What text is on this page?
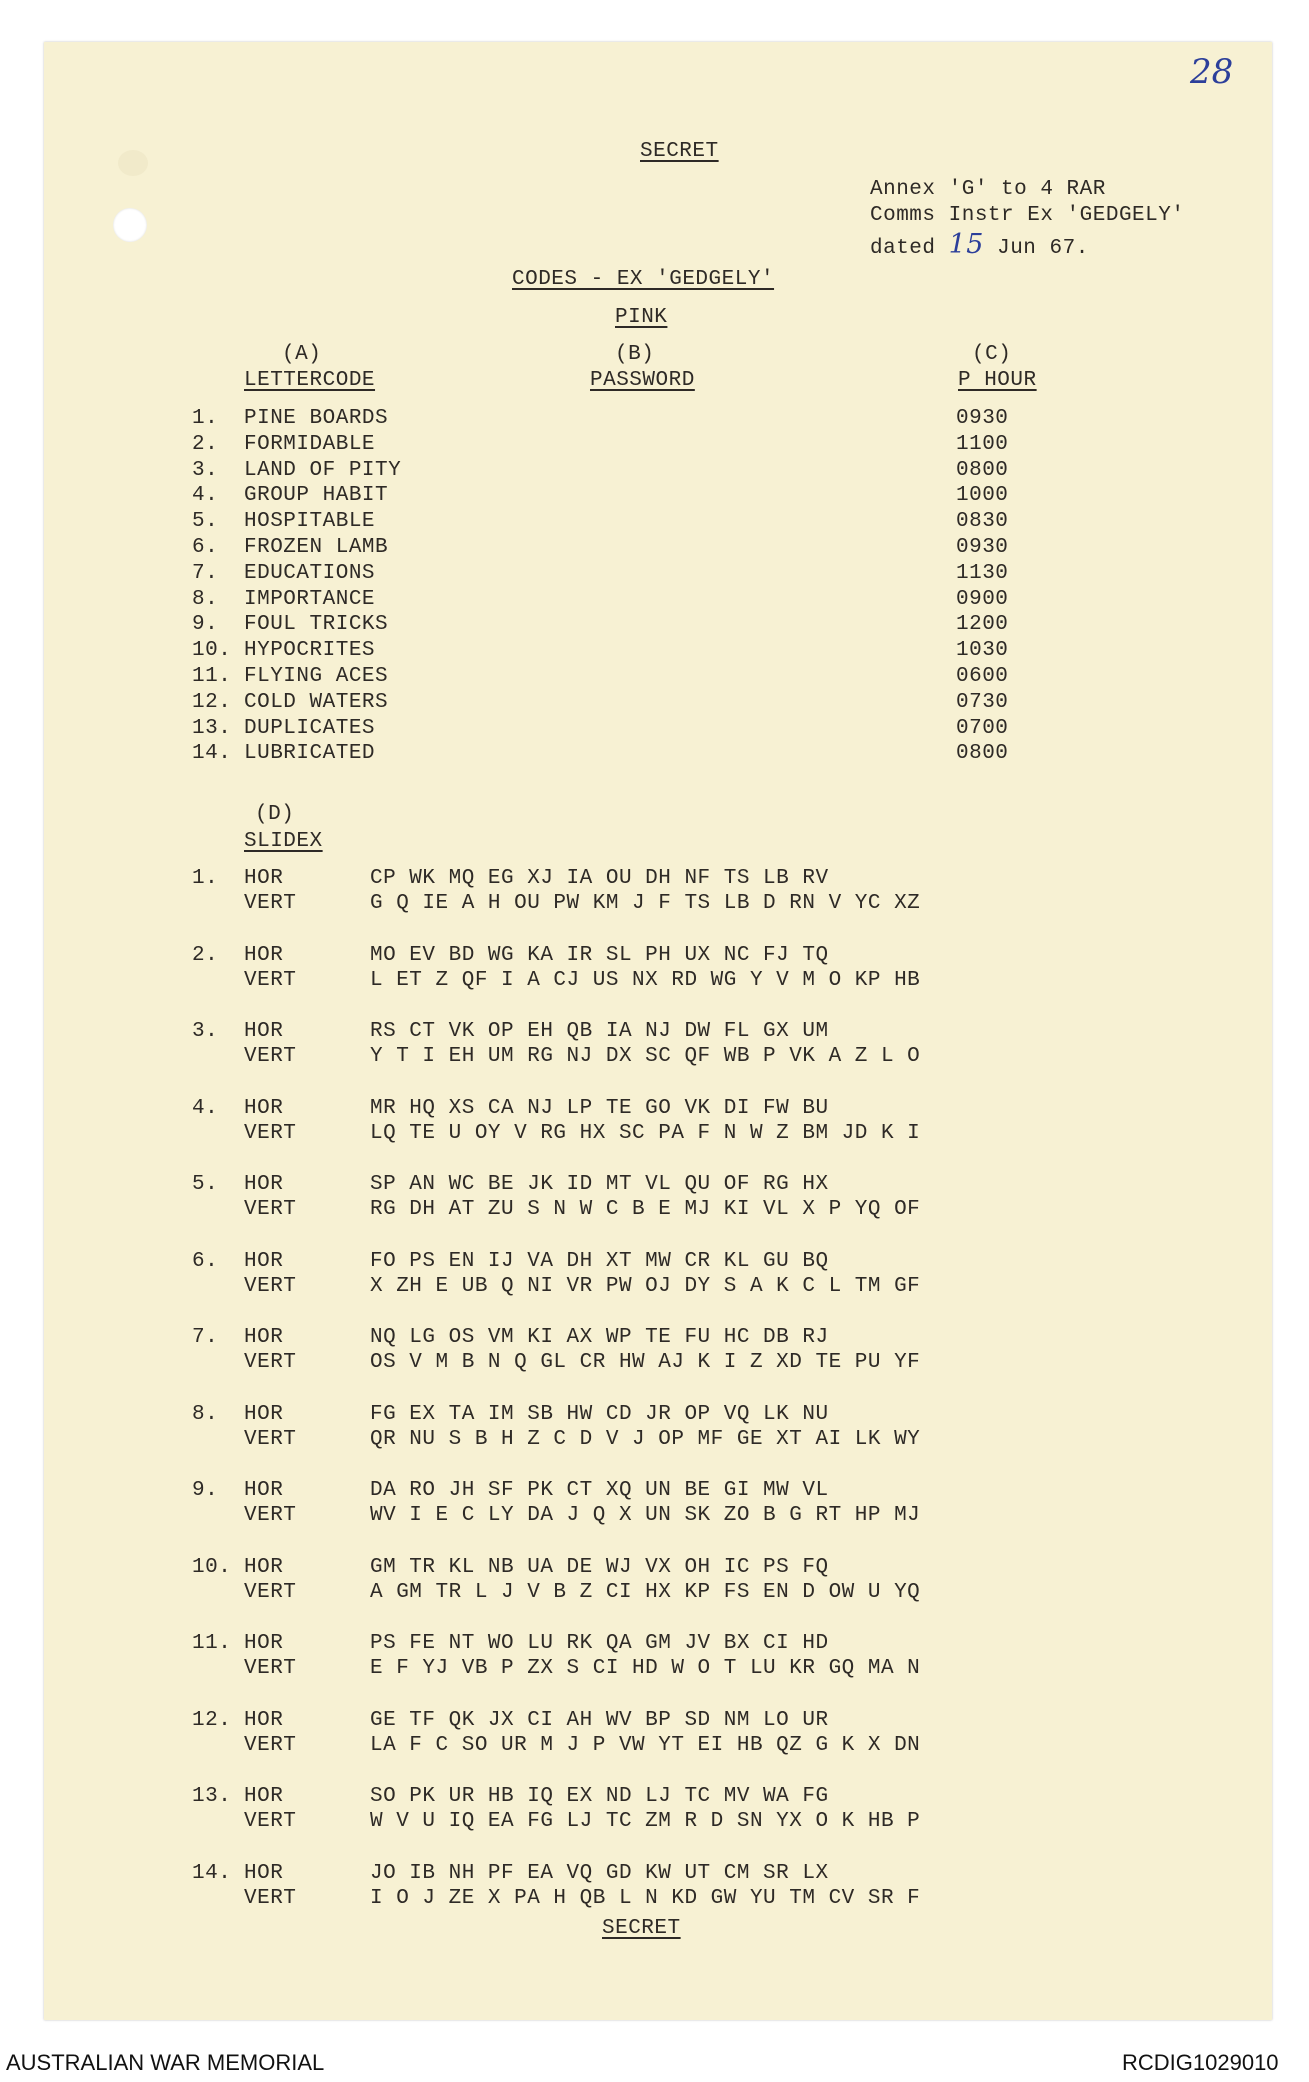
28
SECRET
Annex 'G' to 4 RAR
Comms Instr Ex 'GEDGELY'
dated 15 Jun 67.
CODES - EX 'GEDGELY'
PINK
(A)
LETTERCODE
(B)
PASSWORD
(C)
P HOUR
1. PINE BOARDS	0930
2. FORMIDABLE	1100
3. LAND OF PITY	0800
4. GROUP HABIT	1000
5. HOSPITABLE	0830
6. FROZEN LAMB	0930
7. EDUCATIONS	1130
8. IMPORTANCE	0900
9. FOUL TRICKS	1200
10. HYPOCRITES	1030
11. FLYING ACES	0600
12. COLD WATERS	0730
13. DUPLICATES	0700
14. LUBRICATED	0800
(D)
SLIDEX
1. HOR	CP WK MQ EG XJ IA OU DH NF TS LB RV
VERT	G Q IE A H OU PW KM J F TS LB D RN V YC XZ
2. HOR	MO EV BD WG KA IR SL PH UX NC FJ TQ
VERT	L ET Z QF I A CJ US NX RD WG Y V M O KP HB
3. HOR	RS CT VK OP EH QB IA NJ DW FL GX UM
VERT	Y T I EH UM RG NJ DX SC QF WB P VK A Z L O
4. HOR	MR HQ XS CA NJ LP TE GO VK DI FW BU
VERT	LQ TE U OY V RG HX SC PA F N W Z BM JD K I
5. HOR	SP AN WC BE JK ID MT VL QU OF RG HX
VERT	RG DH AT ZU S N W C B E MJ KI VL X P YQ OF
6. HOR	FO PS EN IJ VA DH XT MW CR KL GU BQ
VERT	X ZH E UB Q NI VR PW OJ DY S A K C L TM GF
7. HOR	NQ LG OS VM KI AX WP TE FU HC DB RJ
VERT	OS V M B N Q GL CR HW AJ K I Z XD TE PU YF
8. HOR	FG EX TA IM SB HW CD JR OP VQ LK NU
VERT	QR NU S B H Z C D V J OP MF GE XT AI LK WY
9. HOR	DA RO JH SF PK CT XQ UN BE GI MW VL
VERT	WV I E C LY DA J Q X UN SK ZO B G RT HP MJ
10. HOR	GM TR KL NB UA DE WJ VX OH IC PS FQ
VERT	A GM TR L J V B Z CI HX KP FS EN D OW U YQ
11. HOR	PS FE NT WO LU RK QA GM JV BX CI HD
VERT	E F YJ VB P ZX S CI HD W O T LU KR GQ MA N
12. HOR	GE TF QK JX CI AH WV BP SD NM LO UR
VERT	LA F C SO UR M J P VW YT EI HB QZ G K X DN
13. HOR	SO PK UR HB IQ EX ND LJ TC MV WA FG
VERT	W V U IQ EA FG LJ TC ZM R D SN YX O K HB P
14. HOR	JO IB NH PF EA VQ GD KW UT CM SR LX
VERT	I O J ZE X PA H QB L N KD GW YU TM CV SR F
SECRET
AUSTRALIAN WAR MEMORIAL	RCDIG1029010
